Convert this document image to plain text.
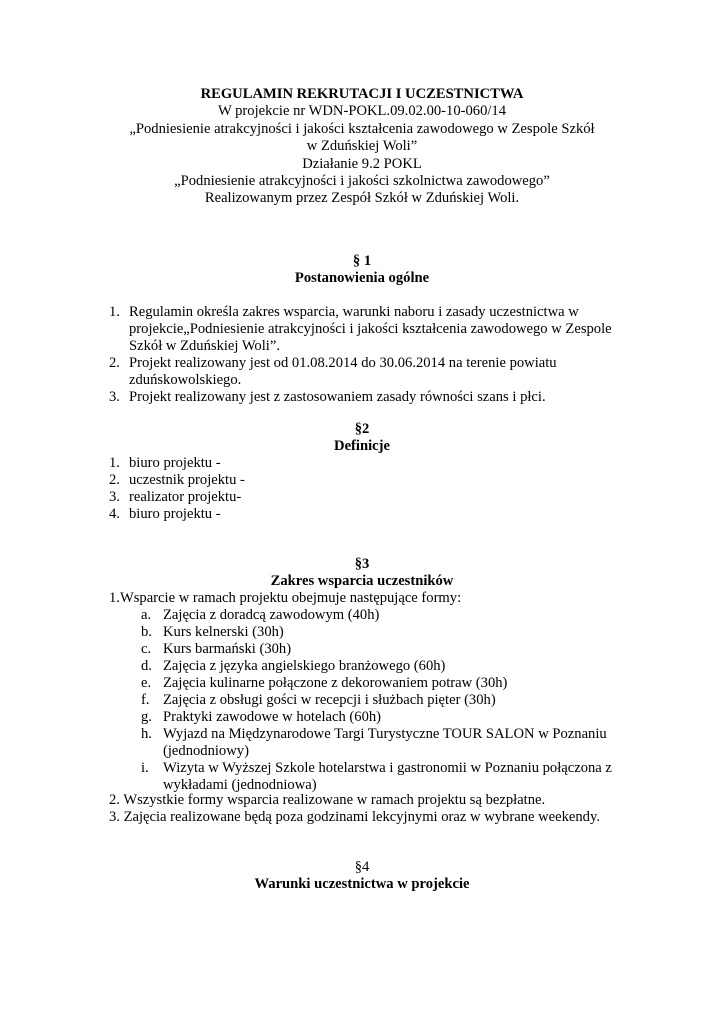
REGULAMIN REKRUTACJI I UCZESTNICTWA
W projekcie nr WDN-POKL.09.02.00-10-060/14
„Podniesienie atrakcyjności i jakości kształcenia zawodowego w Zespole Szkół
w Zduńskiej Woli”
Działanie 9.2 POKL
„Podniesienie atrakcyjności i jakości szkolnictwa zawodowego”
Realizowanym przez Zespół Szkół w Zduńskiej Woli.
§ 1
Postanowienia ogólne
1. Regulamin określa zakres wsparcia, warunki naboru i zasady uczestnictwa w
projekcie„Podniesienie atrakcyjności i jakości kształcenia zawodowego w Zespole
Szkół w Zduńskiej Woli”.
2. Projekt realizowany jest od 01.08.2014 do 30.06.2014 na terenie powiatu
zduńskowolskiego.
3. Projekt realizowany jest z zastosowaniem zasady równości szans i płci.
§2
Definicje
1. biuro projektu -
2. uczestnik projektu -
3. realizator projektu-
4. biuro projektu -
§3
Zakres wsparcia uczestników
1.Wsparcie w ramach projektu obejmuje następujące formy:
a. Zajęcia z doradcą zawodowym (40h)
b. Kurs kelnerski (30h)
c. Kurs barmański (30h)
d. Zajęcia z języka angielskiego branżowego (60h)
e. Zajęcia kulinarne połączone z dekorowaniem potraw (30h)
f. Zajęcia z obsługi gości w recepcji i służbach pięter (30h)
g. Praktyki zawodowe w hotelach (60h)
h. Wyjazd na Międzynarodowe Targi Turystyczne TOUR SALON w Poznaniu
(jednodniowy)
i. Wizyta w Wyższej Szkole hotelarstwa i gastronomii w Poznaniu połączona z
wykładami (jednodniowa)
2. Wszystkie formy wsparcia realizowane w ramach projektu są bezpłatne.
3. Zajęcia realizowane będą poza godzinami lekcyjnymi oraz w wybrane weekendy.
§4
Warunki uczestnictwa w projekcie
